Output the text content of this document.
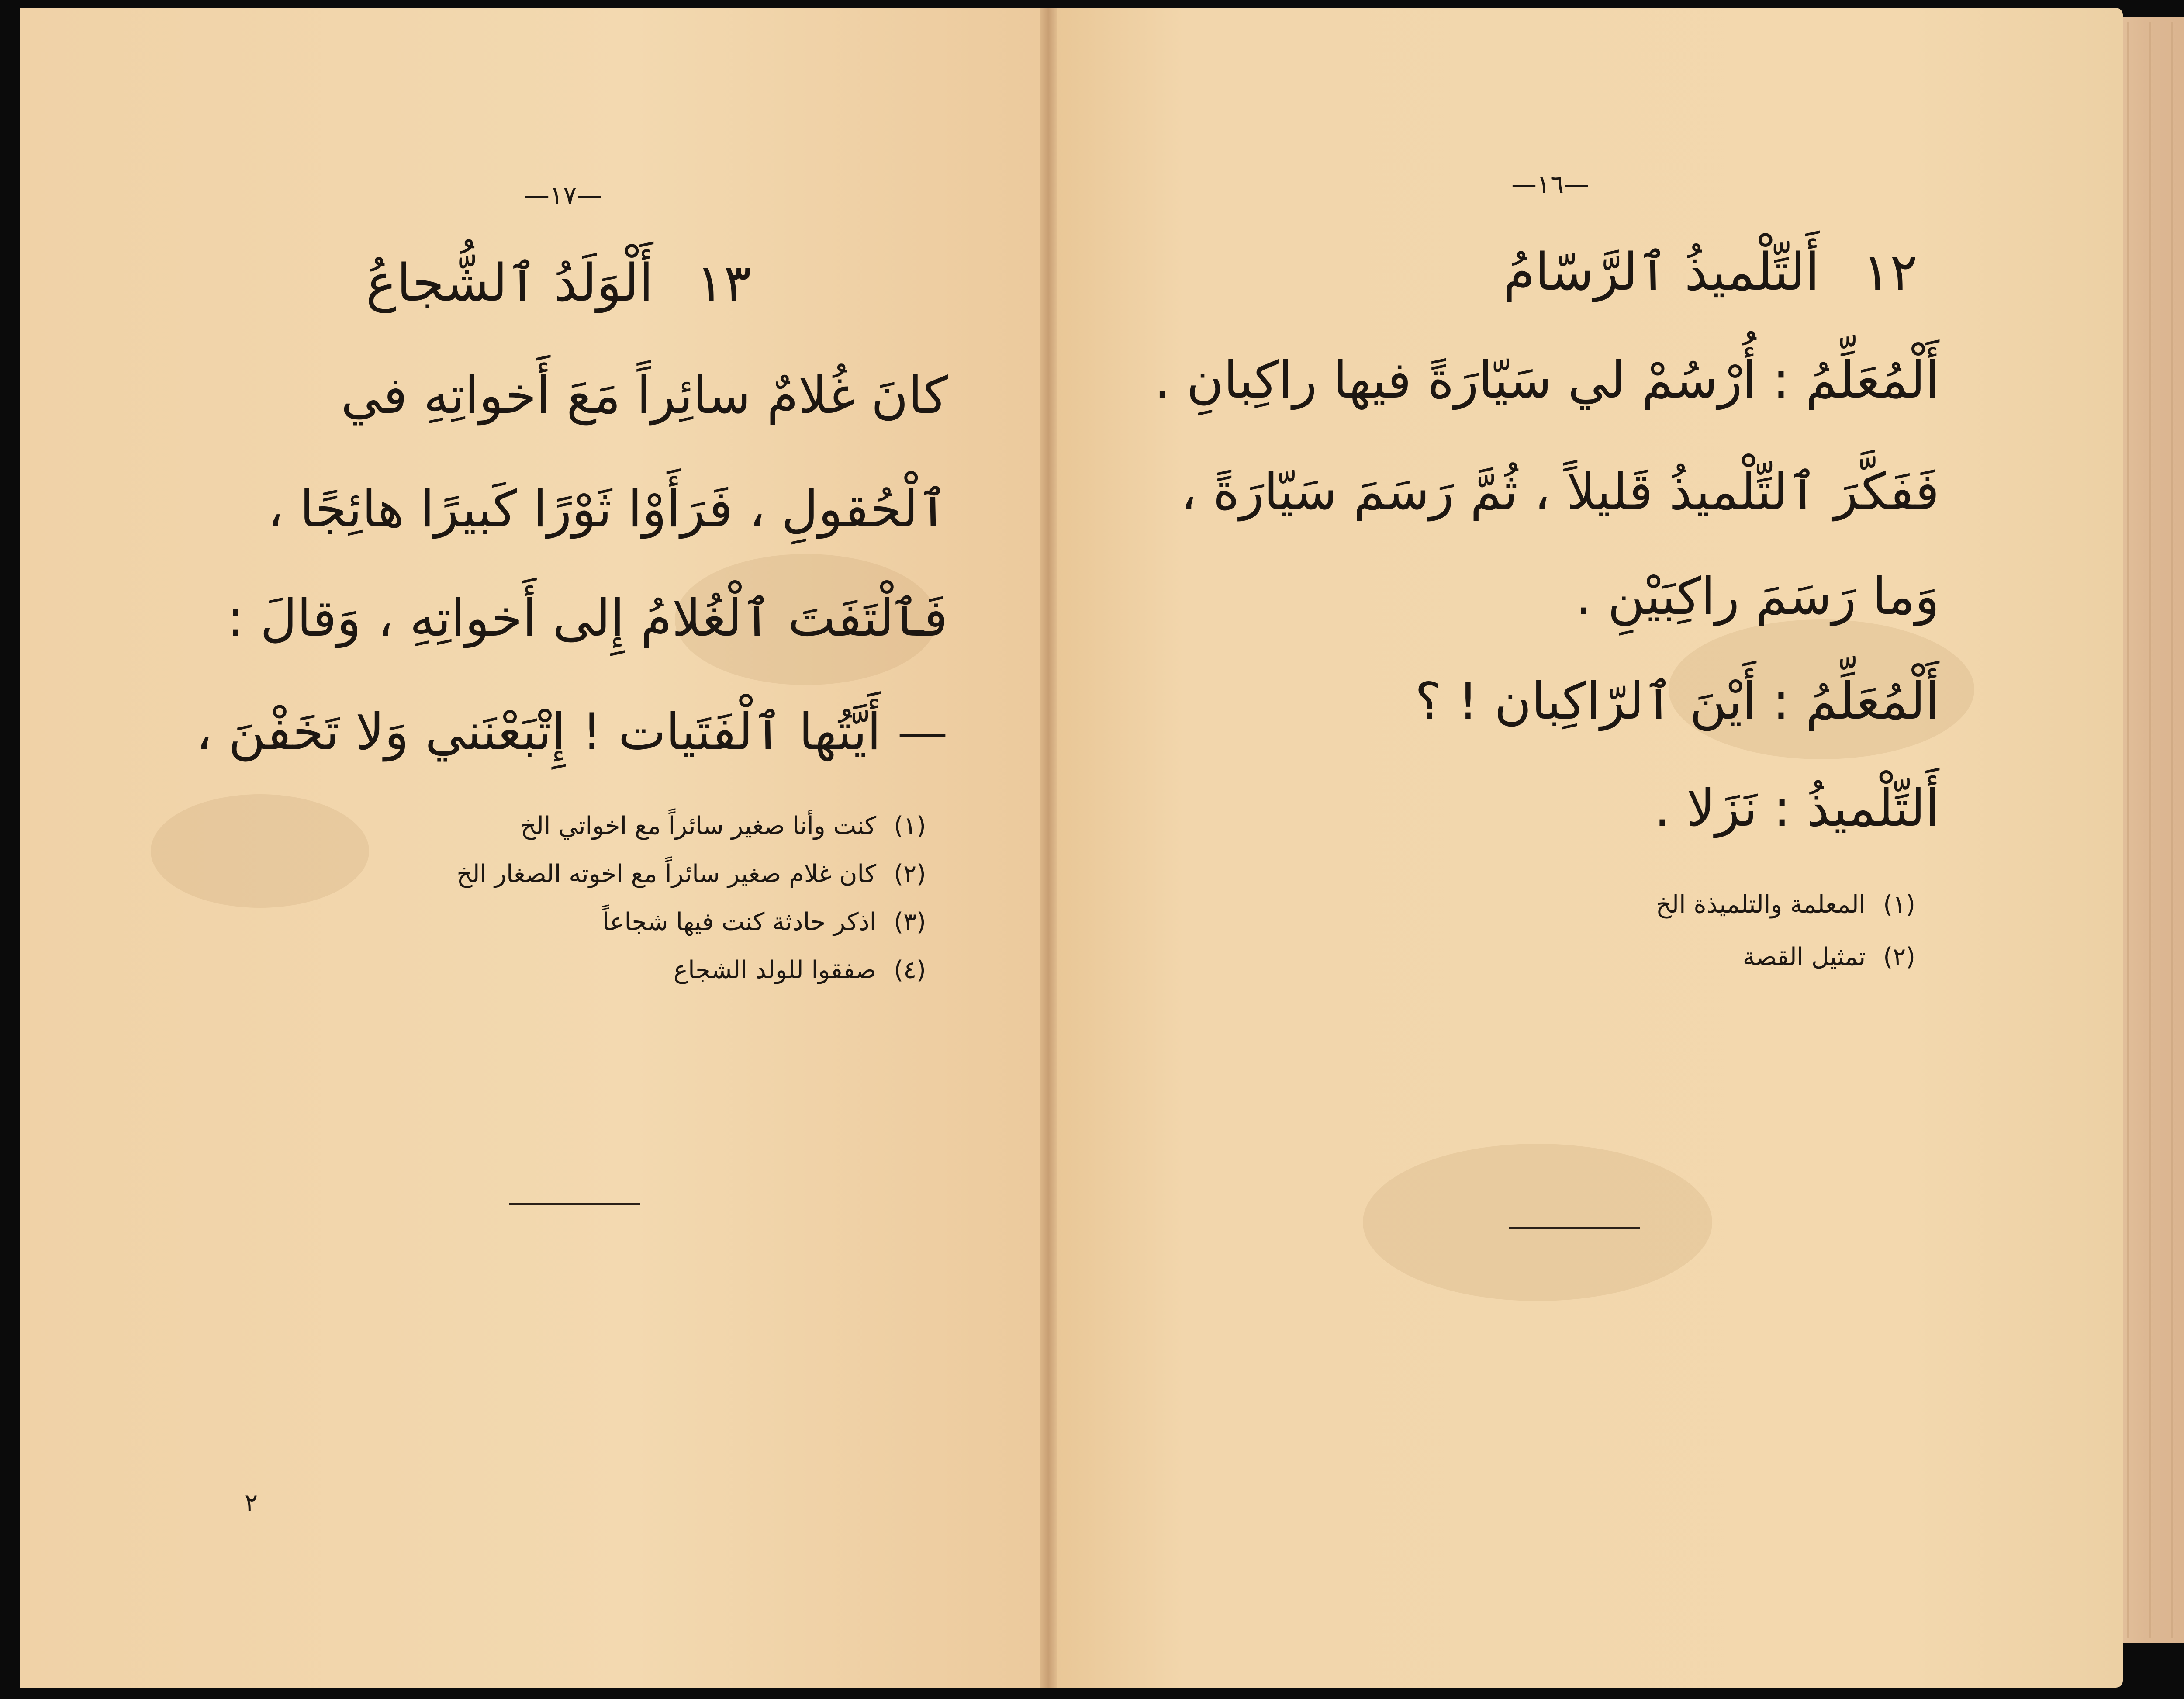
—١٧—
١٣ أَلْوَلَدُ ٱلشُّجاعُ
كانَ غُلامٌ سائِراً مَعَ أَخواتِهِ في
ٱلْحُقولِ ، فَرَأَوْا ثَوْرًا كَبيرًا هائِجًا ،
فَٱلْتَفَتَ ٱلْغُلامُ إِلى أَخواتِهِ ، وَقالَ :
— أَيَّتُها ٱلْفَتَيات ! إِتْبَعْنَني وَلا تَخَفْنَ ،
(١)كنت وأنا صغير سائراً مع اخواتي الخ
(٢)كان غلام صغير سائراً مع اخوته الصغار الخ
(٣)اذكر حادثة كنت فيها شجاعاً
(٤)صفقوا للولد الشجاع
٢
—١٦—
١٢ أَلتِّلْميذُ ٱلرَّسّامُ
أَلْمُعَلِّمُ : أُرْسُمْ لي سَيّارَةً فيها راكِبانِ .
فَفَكَّرَ ٱلتِّلْميذُ قَليلاً ، ثُمَّ رَسَمَ سَيّارَةً ،
وَما رَسَمَ راكِبَيْنِ .
أَلْمُعَلِّمُ : أَيْنَ ٱلرّاكِبان ! ؟
أَلتِّلْميذُ : نَزَلا .
(١)المعلمة والتلميذة الخ
(٢)تمثيل القصة
